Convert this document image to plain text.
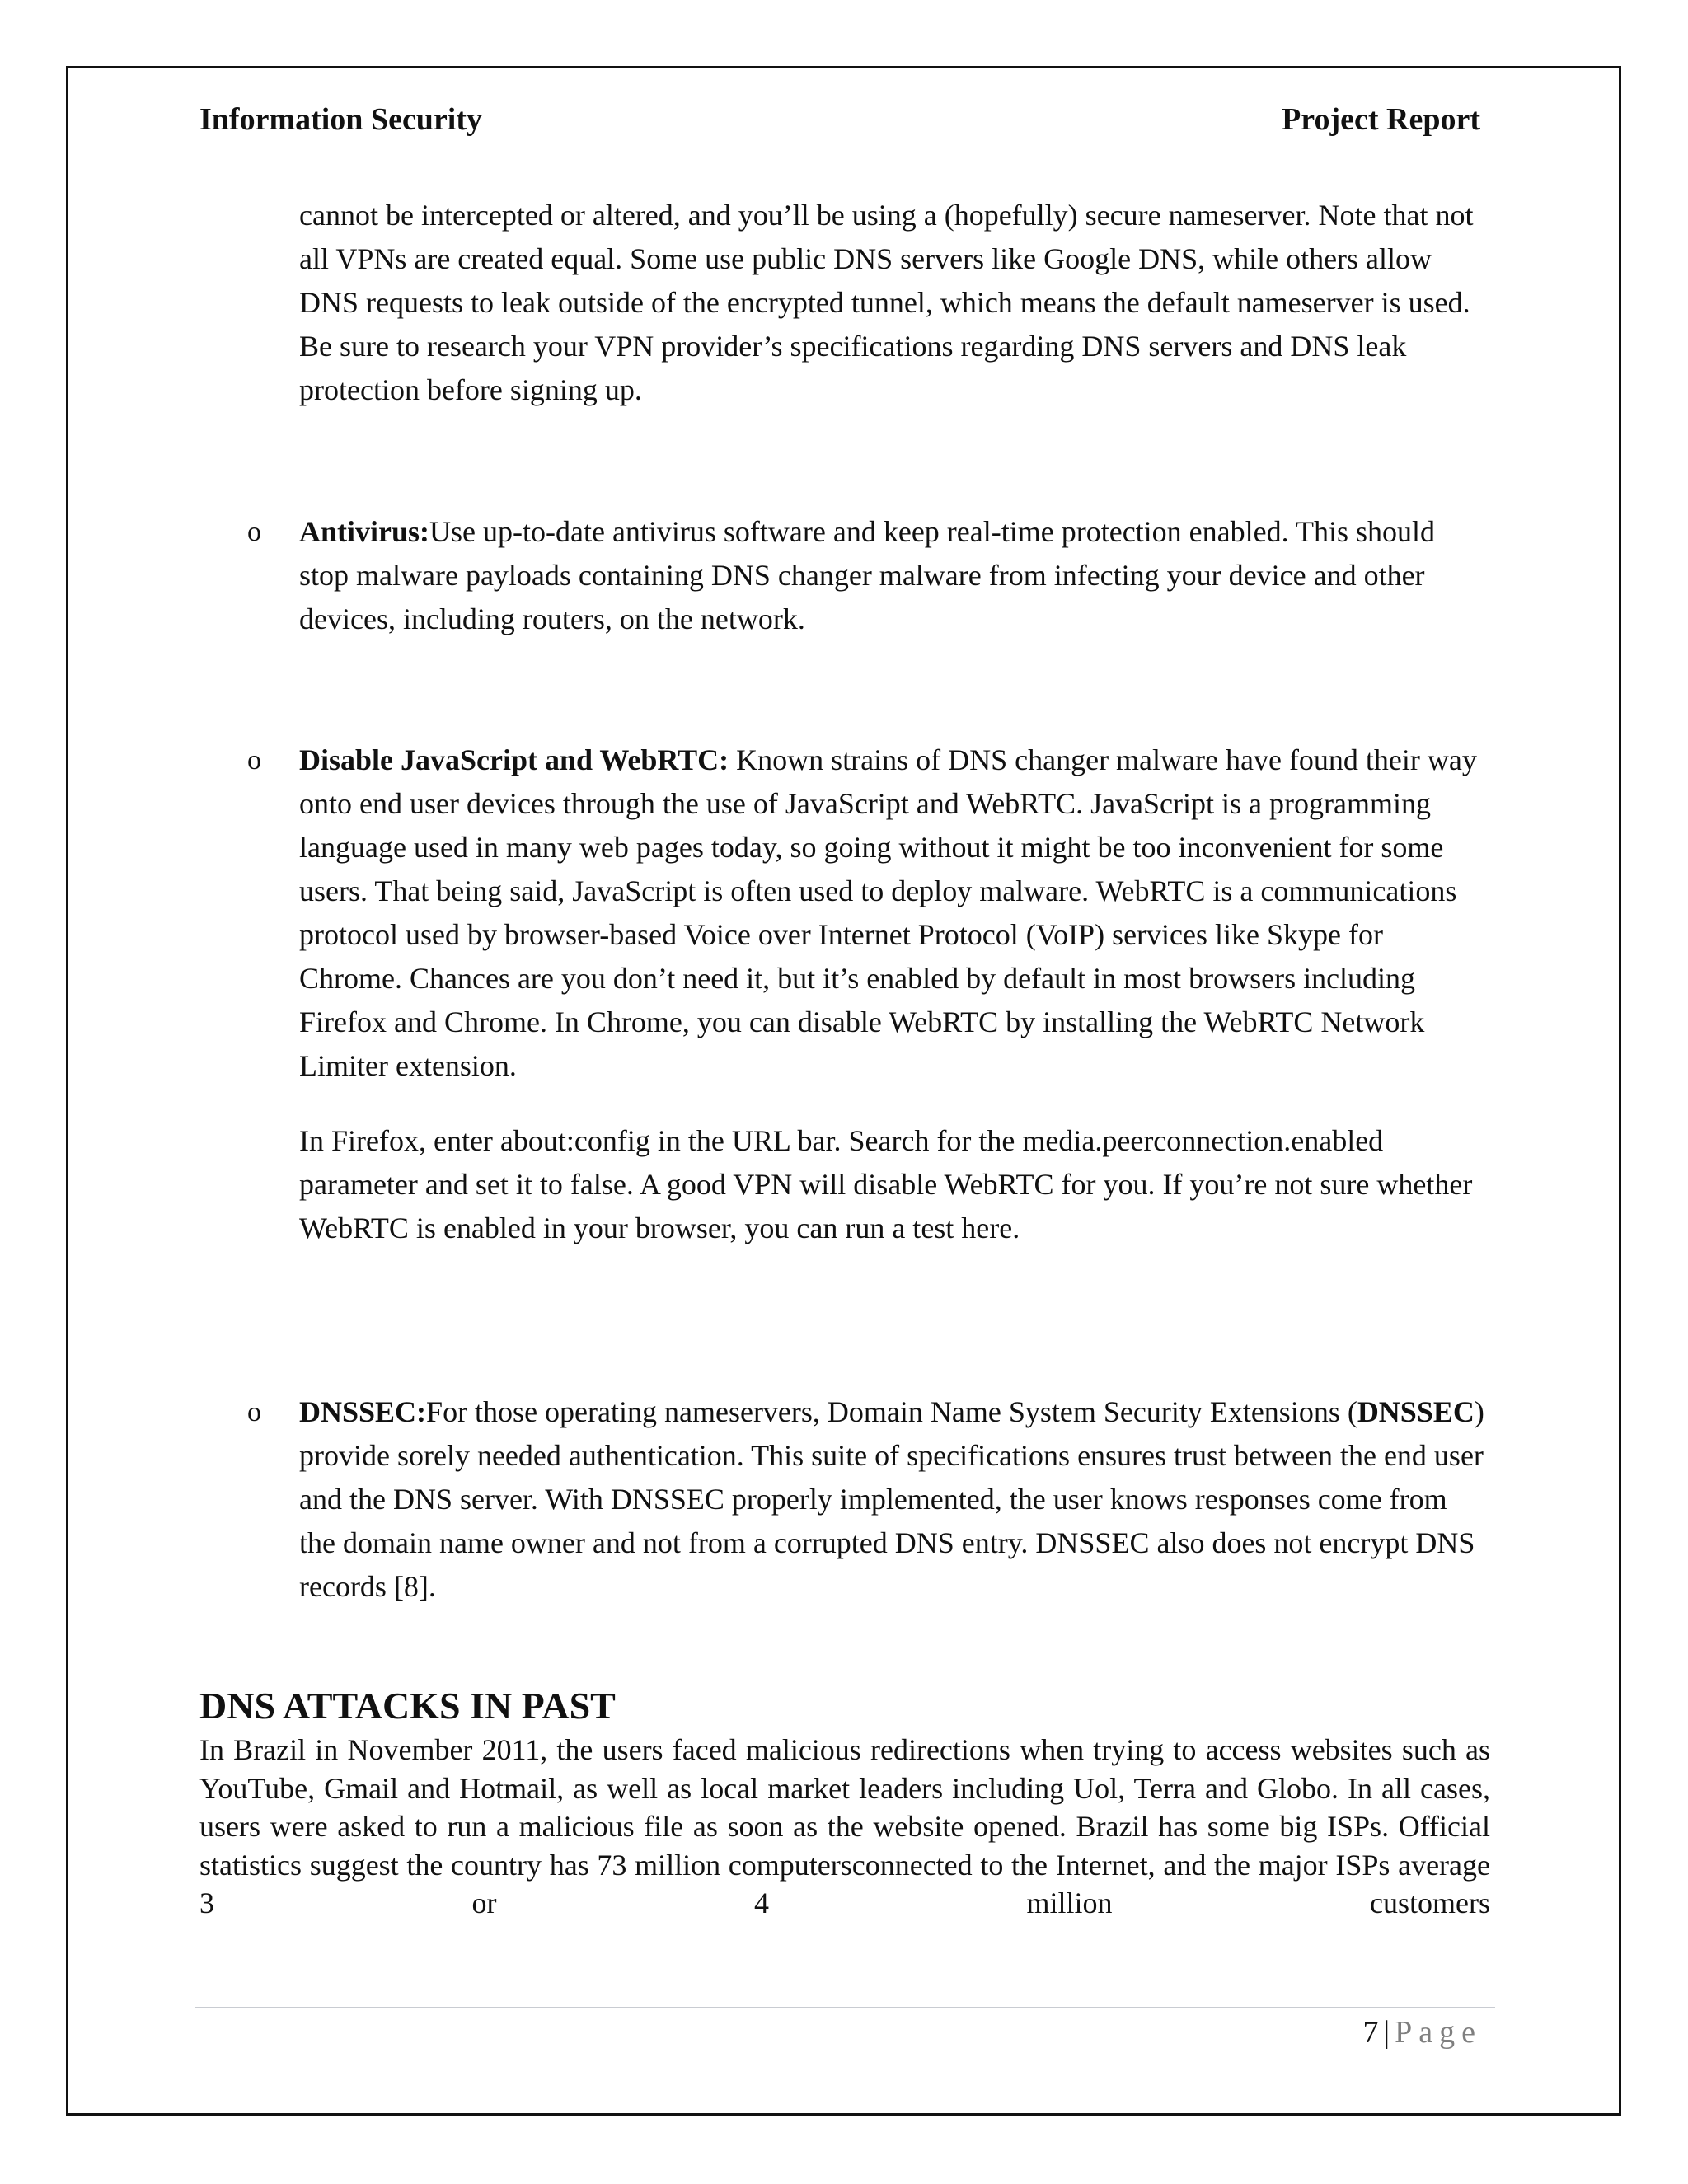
Information Security	Project Report
cannot be intercepted or altered, and you’ll be using a (hopefully) secure nameserver. Note that not all VPNs are created equal. Some use public DNS servers like Google DNS, while others allow DNS requests to leak outside of the encrypted tunnel, which means the default nameserver is used. Be sure to research your VPN provider’s specifications regarding DNS servers and DNS leak protection before signing up.
o Antivirus:Use up-to-date antivirus software and keep real-time protection enabled. This should stop malware payloads containing DNS changer malware from infecting your device and other devices, including routers, on the network.
o Disable JavaScript and WebRTC: Known strains of DNS changer malware have found their way onto end user devices through the use of JavaScript and WebRTC. JavaScript is a programming language used in many web pages today, so going without it might be too inconvenient for some users. That being said, JavaScript is often used to deploy malware. WebRTC is a communications protocol used by browser-based Voice over Internet Protocol (VoIP) services like Skype for Chrome. Chances are you don’t need it, but it’s enabled by default in most browsers including Firefox and Chrome. In Chrome, you can disable WebRTC by installing the WebRTC Network Limiter extension.
In Firefox, enter about:config in the URL bar. Search for the media.peerconnection.enabled parameter and set it to false. A good VPN will disable WebRTC for you. If you’re not sure whether WebRTC is enabled in your browser, you can run a test here.
o DNSSEC:For those operating nameservers, Domain Name System Security Extensions (DNSSEC) provide sorely needed authentication. This suite of specifications ensures trust between the end user and the DNS server. With DNSSEC properly implemented, the user knows responses come from the domain name owner and not from a corrupted DNS entry. DNSSEC also does not encrypt DNS records [8].
DNS ATTACKS IN PAST
In Brazil in November 2011, the users faced malicious redirections when trying to access websites such as YouTube, Gmail and Hotmail, as well as local market leaders including Uol, Terra and Globo. In all cases, users were asked to run a malicious file as soon as the website opened. Brazil has some big ISPs. Official statistics suggest the country has 73 million computersconnected to the Internet, and the major ISPs average 3 or 4 million customers
7 | Page
